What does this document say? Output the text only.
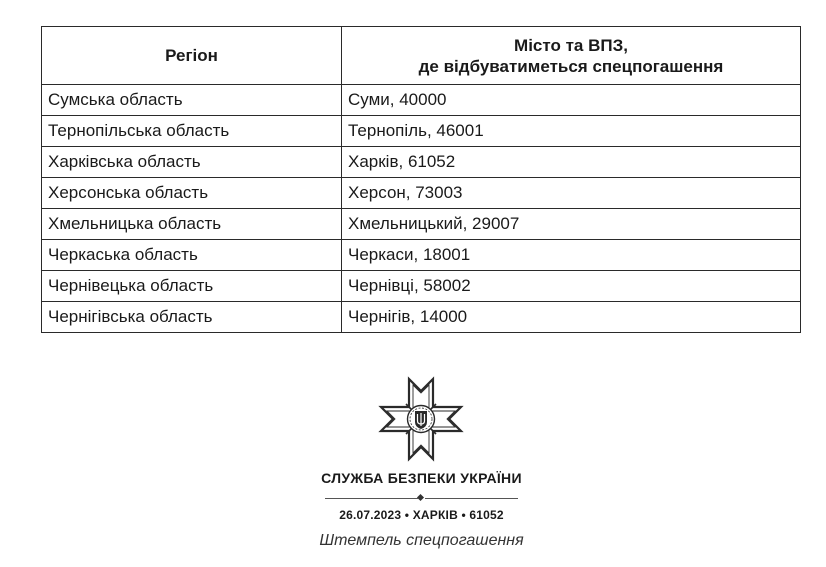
Регіон	Місто та ВПЗ,
де відбуватиметься спецпогашення

Сумська область	Суми, 40000
Тернопільська область	Тернопіль, 46001
Харківська область	Харків, 61052
Херсонська область	Херсон, 73003
Хмельницька область	Хмельницький, 29007
Черкаська область	Черкаси, 18001
Чернівецька область	Чернівці, 58002
Чернігівська область	Чернігів, 14000
СЛУЖБА БЕЗПЕКИ УКРАЇНИ
26.07.2023 • ХАРКІВ • 61052
Штемпель спецпогашення
